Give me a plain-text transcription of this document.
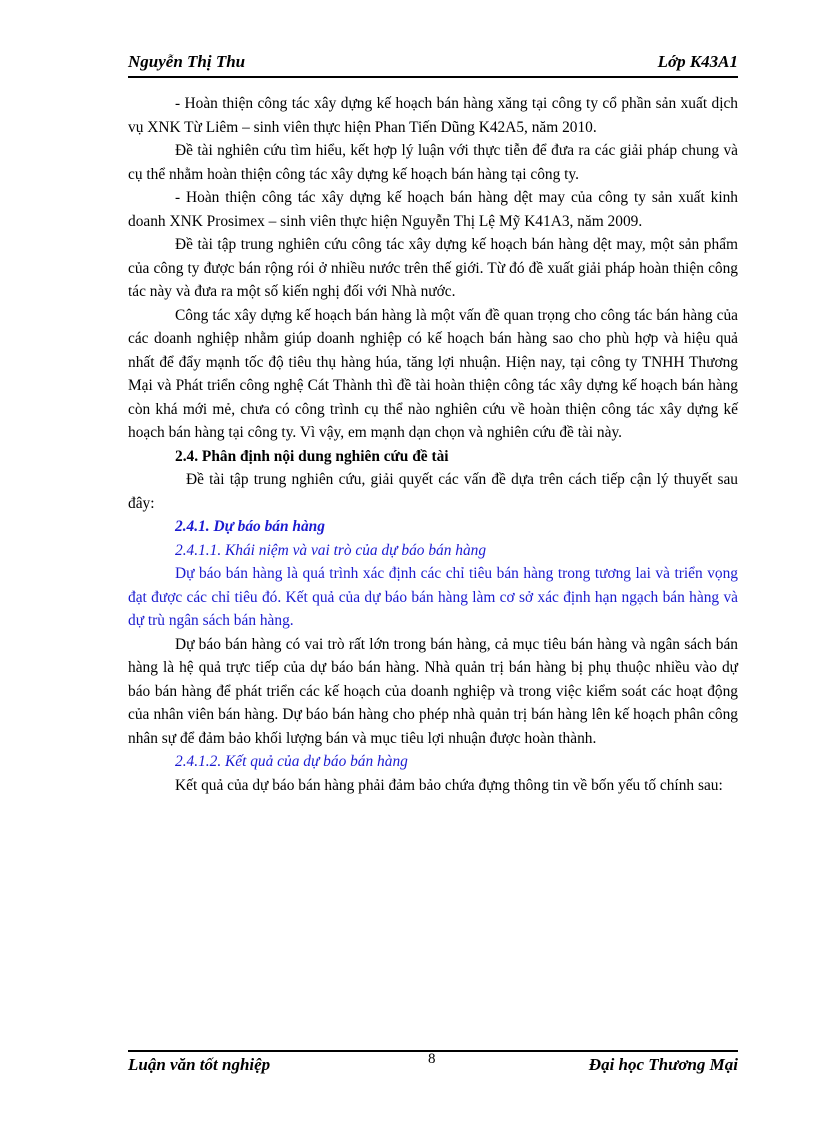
Nguyễn Thị Thu	Lớp K43A1

- Hoàn thiện công tác xây dựng kế hoạch bán hàng xăng tại công ty cổ phần sản xuất dịch vụ XNK Từ Liêm – sinh viên thực hiện Phan Tiến Dũng K42A5, năm 2010.

Đề tài nghiên cứu tìm hiểu, kết hợp lý luận với thực tiễn để đưa ra các giải pháp chung và cụ thể nhằm hoàn thiện công tác xây dựng kế hoạch bán hàng tại công ty.

- Hoàn thiện công tác xây dựng kế hoạch bán hàng dệt may của công ty sản xuất kinh doanh XNK Prosimex – sinh viên thực hiện Nguyễn Thị Lệ Mỹ K41A3, năm 2009.

Đề tài tập trung nghiên cứu công tác xây dựng kế hoạch bán hàng dệt may, một sản phẩm của công ty được bán rộng rói ở nhiều nước trên thế giới. Từ đó đề xuất giải pháp hoàn thiện công tác này và đưa ra một số kiến nghị đối với Nhà nước.

Công tác xây dựng kế hoạch bán hàng là một vấn đề quan trọng cho công tác bán hàng của các doanh nghiệp nhằm giúp doanh nghiệp có kế hoạch bán hàng sao cho phù hợp và hiệu quả nhất để đẩy mạnh tốc độ tiêu thụ hàng húa, tăng lợi nhuận. Hiện nay, tại công ty TNHH Thương Mại và Phát triển công nghệ Cát Thành thì đề tài hoàn thiện công tác xây dựng kế hoạch bán hàng còn khá mới mẻ, chưa có công trình cụ thể nào nghiên cứu về hoàn thiện công tác xây dựng kế hoạch bán hàng tại công ty. Vì vậy, em mạnh dạn chọn và nghiên cứu đề tài này.

2.4. Phân định nội dung nghiên cứu đề tài

Đề tài tập trung nghiên cứu, giải quyết các vấn đề dựa trên cách tiếp cận lý thuyết sau đây:

2.4.1. Dự báo bán hàng

2.4.1.1. Khái niệm và vai trò của dự báo bán hàng

Dự báo bán hàng là quá trình xác định các chỉ tiêu bán hàng trong tương lai và triển vọng đạt được các chỉ tiêu đó. Kết quả của dự báo bán hàng làm cơ sở xác định hạn ngạch bán hàng và dự trù ngân sách bán hàng.

Dự báo bán hàng có vai trò rất lớn trong bán hàng, cả mục tiêu bán hàng và ngân sách bán hàng là hệ quả trực tiếp của dự báo bán hàng. Nhà quản trị bán hàng bị phụ thuộc nhiều vào dự báo bán hàng để phát triển các kế hoạch của doanh nghiệp và trong việc kiểm soát các hoạt động của nhân viên bán hàng. Dự báo bán hàng cho phép nhà quản trị bán hàng lên kế hoạch phân công nhân sự để đảm bảo khối lượng bán và mục tiêu lợi nhuận được hoàn thành.

2.4.1.2. Kết quả của dự báo bán hàng

Kết quả của dự báo bán hàng phải đảm bảo chứa đựng thông tin về bốn yếu tố chính sau:

Luận văn tốt nghiệp	8	Đại học Thương Mại
